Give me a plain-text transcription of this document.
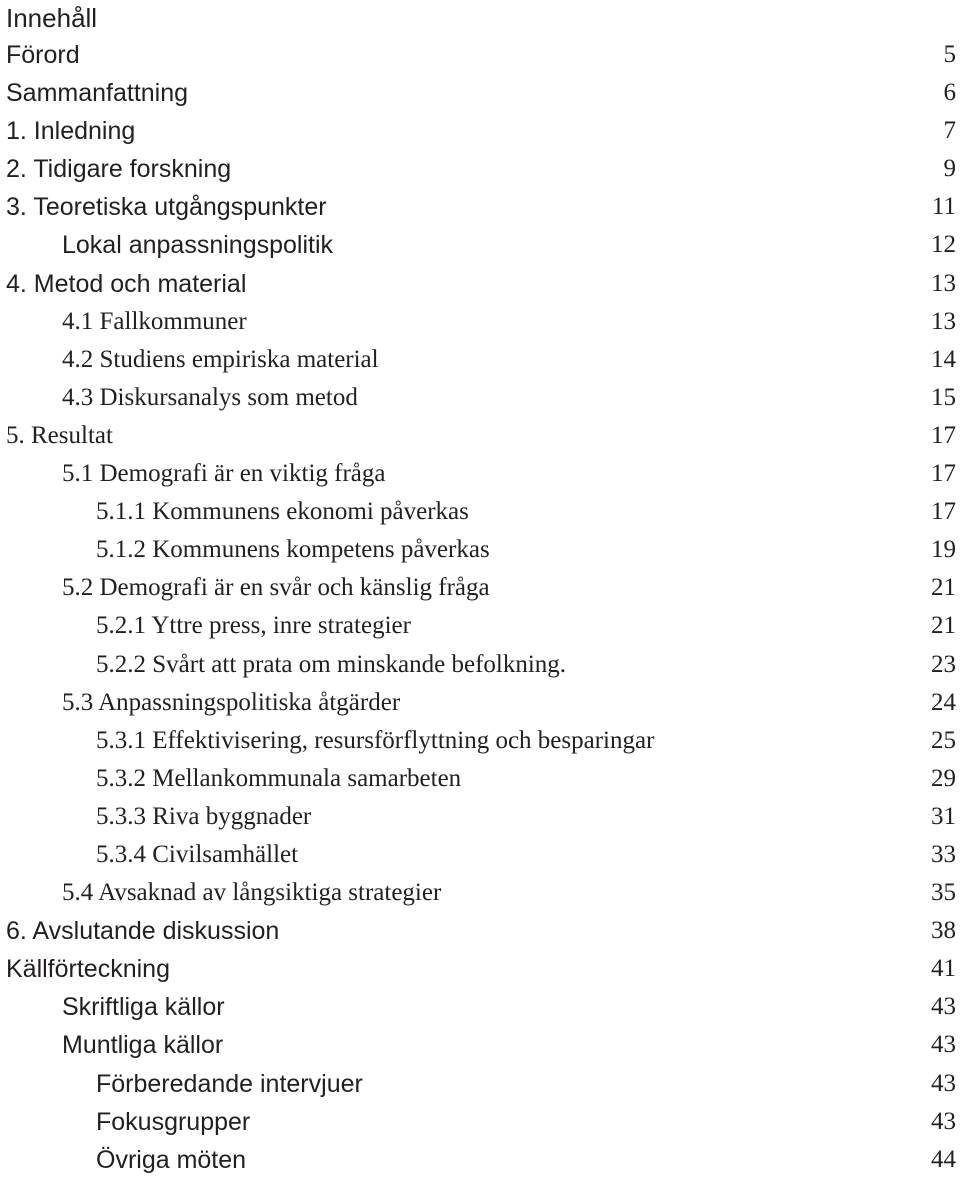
Innehåll
Förord	5
Sammanfattning	6
1. Inledning	7
2. Tidigare forskning	9
3. Teoretiska utgångspunkter	11
Lokal anpassningspolitik	12
4. Metod och material	13
4.1 Fallkommuner	13
4.2 Studiens empiriska material	14
4.3 Diskursanalys som metod	15
5. Resultat	17
5.1 Demografi är en viktig fråga	17
5.1.1 Kommunens ekonomi påverkas	17
5.1.2 Kommunens kompetens påverkas	19
5.2 Demografi är en svår och känslig fråga	21
5.2.1 Yttre press, inre strategier	21
5.2.2 Svårt att prata om minskande befolkning.	23
5.3 Anpassningspolitiska åtgärder	24
5.3.1 Effektivisering, resursförflyttning och besparingar	25
5.3.2 Mellankommunala samarbeten	29
5.3.3 Riva byggnader	31
5.3.4 Civilsamhället	33
5.4 Avsaknad av långsiktiga strategier	35
6. Avslutande diskussion	38
Källförteckning	41
Skriftliga källor	43
Muntliga källor	43
Förberedande intervjuer	43
Fokusgrupper	43
Övriga möten	44
